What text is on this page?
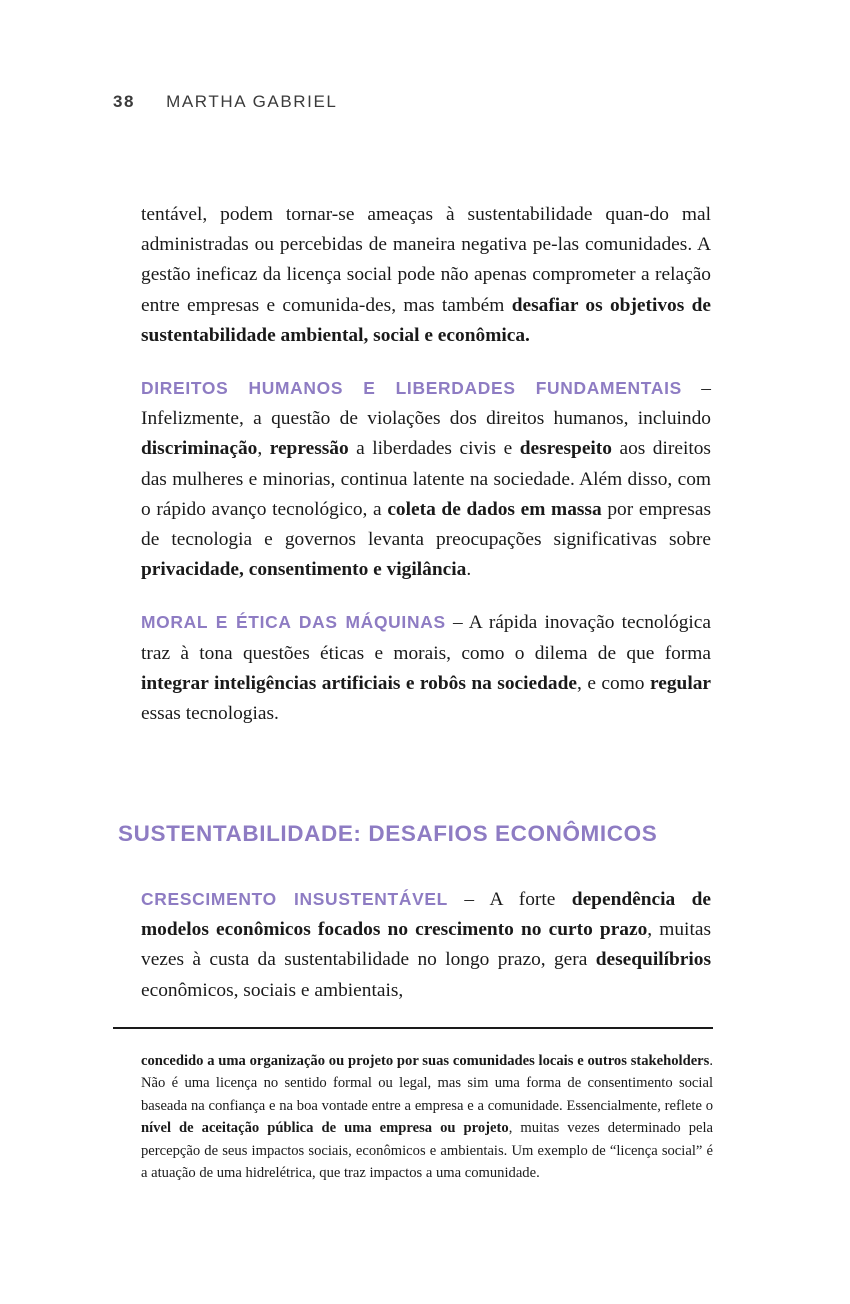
38 MARTHA GABRIEL

tentável, podem tornar-se ameaças à sustentabilidade quan-do mal administradas ou percebidas de maneira negativa pe-las comunidades. A gestão ineficaz da licença social pode não apenas comprometer a relação entre empresas e comunida-des, mas também desafiar os objetivos de sustentabilidade ambiental, social e econômica.

DIREITOS HUMANOS E LIBERDADES FUNDAMENTAIS – Infelizmente, a questão de violações dos direitos humanos, incluindo discriminação, repressão a liberdades civis e desrespeito aos direitos das mulheres e minorias, continua latente na sociedade. Além disso, com o rápido avanço tecnológico, a coleta de dados em massa por empresas de tecnologia e governos levanta preocupações significativas sobre privacidade, consentimento e vigilância.

MORAL E ÉTICA DAS MÁQUINAS – A rápida inovação tecnológica traz à tona questões éticas e morais, como o dilema de que forma integrar inteligências artificiais e robôs na sociedade, e como regular essas tecnologias.

SUSTENTABILIDADE: DESAFIOS ECONÔMICOS

CRESCIMENTO INSUSTENTÁVEL – A forte dependência de modelos econômicos focados no crescimento no curto prazo, muitas vezes à custa da sustentabilidade no longo prazo, gera desequilíbrios econômicos, sociais e ambientais,

concedido a uma organização ou projeto por suas comunidades locais e outros stakeholders. Não é uma licença no sentido formal ou legal, mas sim uma forma de consentimento social baseada na confiança e na boa vontade entre a empresa e a comunidade. Essencialmente, reflete o nível de aceitação pública de uma empresa ou projeto, muitas vezes determinado pela percepção de seus impactos sociais, econômicos e ambientais. Um exemplo de “licença social” é a atuação de uma hidrelétrica, que traz impactos a uma comunidade.
